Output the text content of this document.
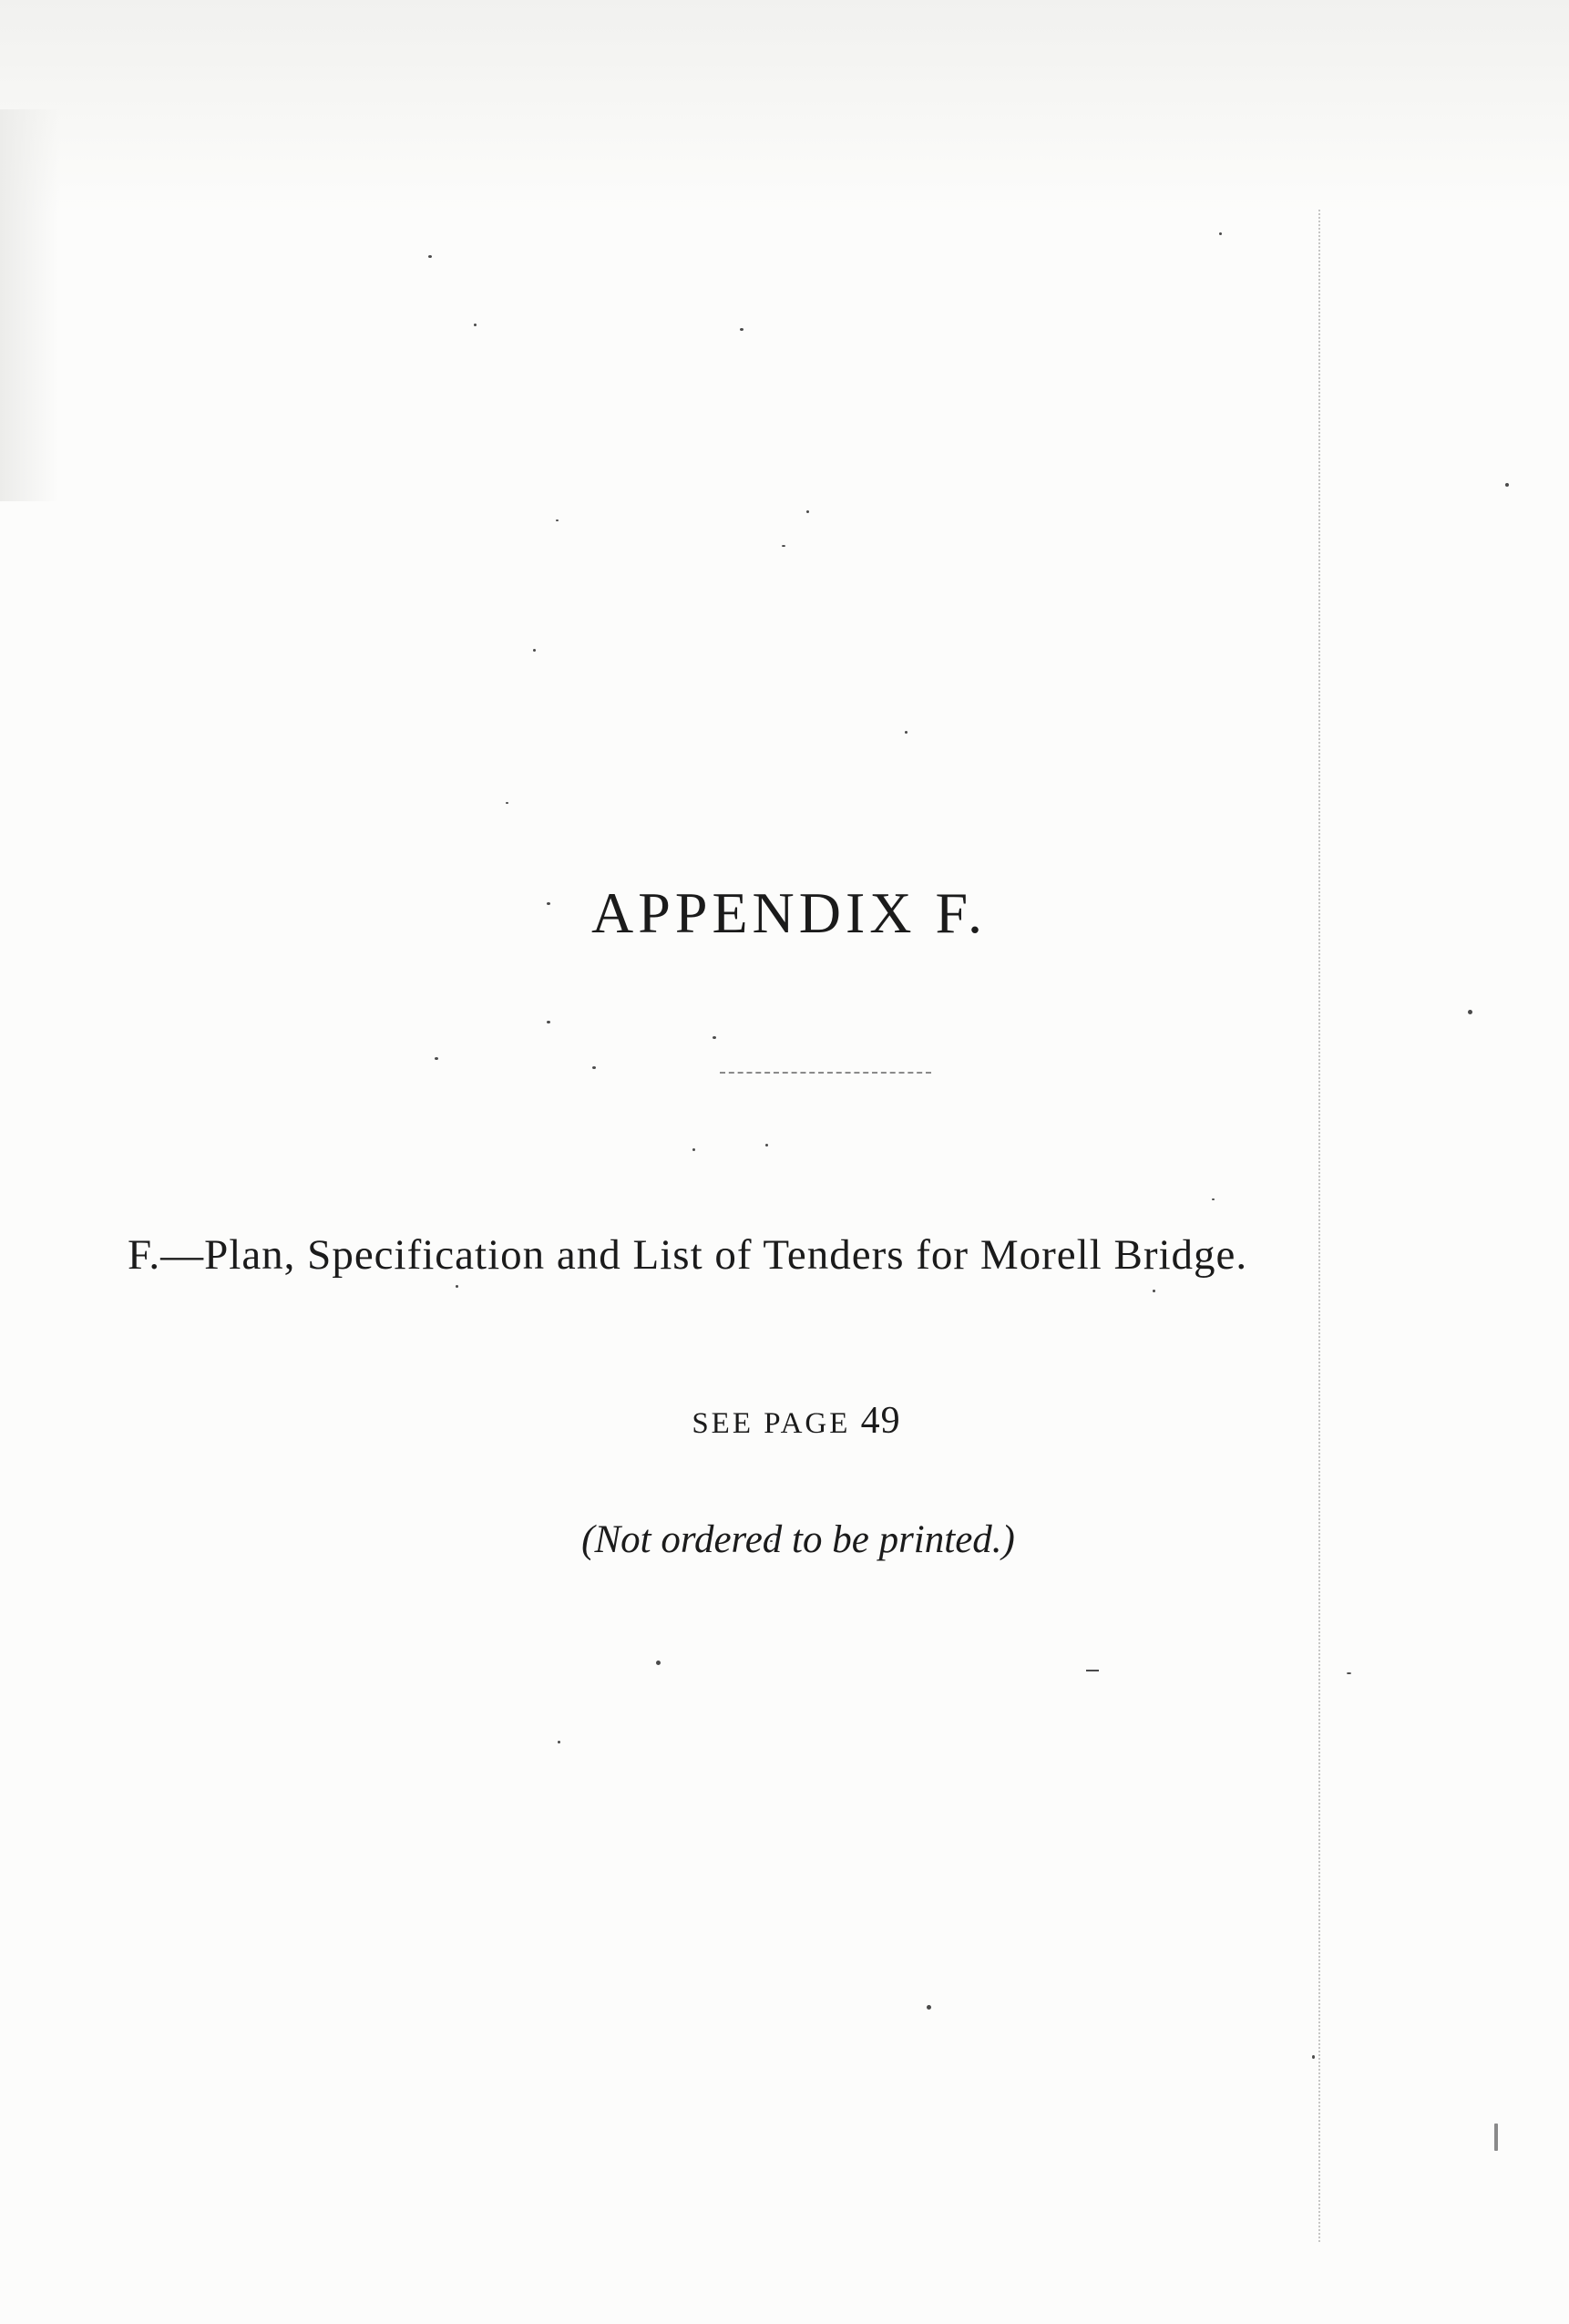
APPENDIX F.
F.—Plan, Specification and List of Tenders for Morell Bridge.
SEE PAGE 49
(Not ordered to be printed.)
